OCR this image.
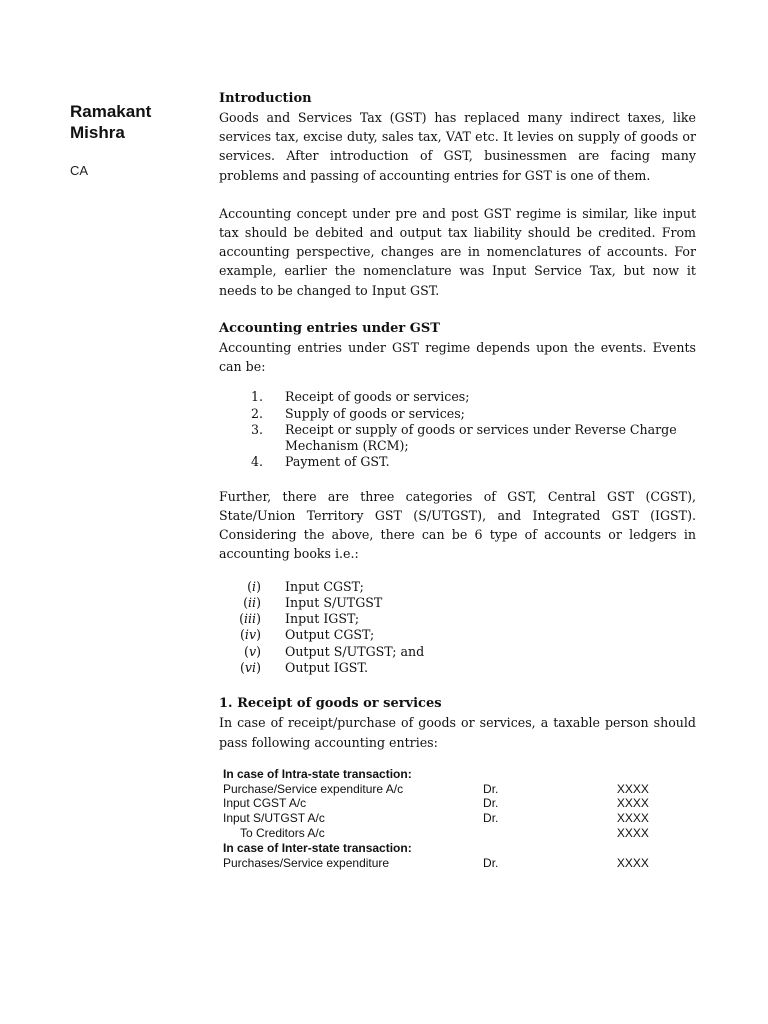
Ramakant Mishra

CA
Introduction

Goods and Services Tax (GST) has replaced many indirect taxes, like services tax, excise duty, sales tax, VAT etc. It levies on supply of goods or services. After introduction of GST, businessmen are facing many problems and passing of accounting entries for GST is one of them.

Accounting concept under pre and post GST regime is similar, like input tax should be debited and output tax liability should be credited. From accounting perspective, changes are in nomenclatures of accounts. For example, earlier the nomenclature was Input Service Tax, but now it needs to be changed to Input GST.

Accounting entries under GST

Accounting entries under GST regime depends upon the events. Events can be:

1.	Receipt of goods or services;
2.	Supply of goods or services;
3.	Receipt or supply of goods or services under Reverse Charge Mechanism (RCM);
4.	Payment of GST.

Further, there are three categories of GST, Central GST (CGST), State/Union Territory GST (S/UTGST), and Integrated GST (IGST). Considering the above, there can be 6 type of accounts or ledgers in accounting books i.e.:

(i)	Input CGST;
(ii)	Input S/UTGST
(iii)	Input IGST;
(iv)	Output CGST;
(v)	Output S/UTGST; and
(vi)	Output IGST.
1. Receipt of goods or services

In case of receipt/purchase of goods or services, a taxable person should pass following accounting entries:

In case of Intra-state transaction:		
Purchase/Service expenditure A/c	Dr.	XXXX
Input CGST A/c	Dr.	XXXX
Input S/UTGST A/c	Dr.	XXXX
To Creditors A/c		XXXX
In case of Inter-state transaction:		
Purchases/Service expenditure	Dr.	XXXX
